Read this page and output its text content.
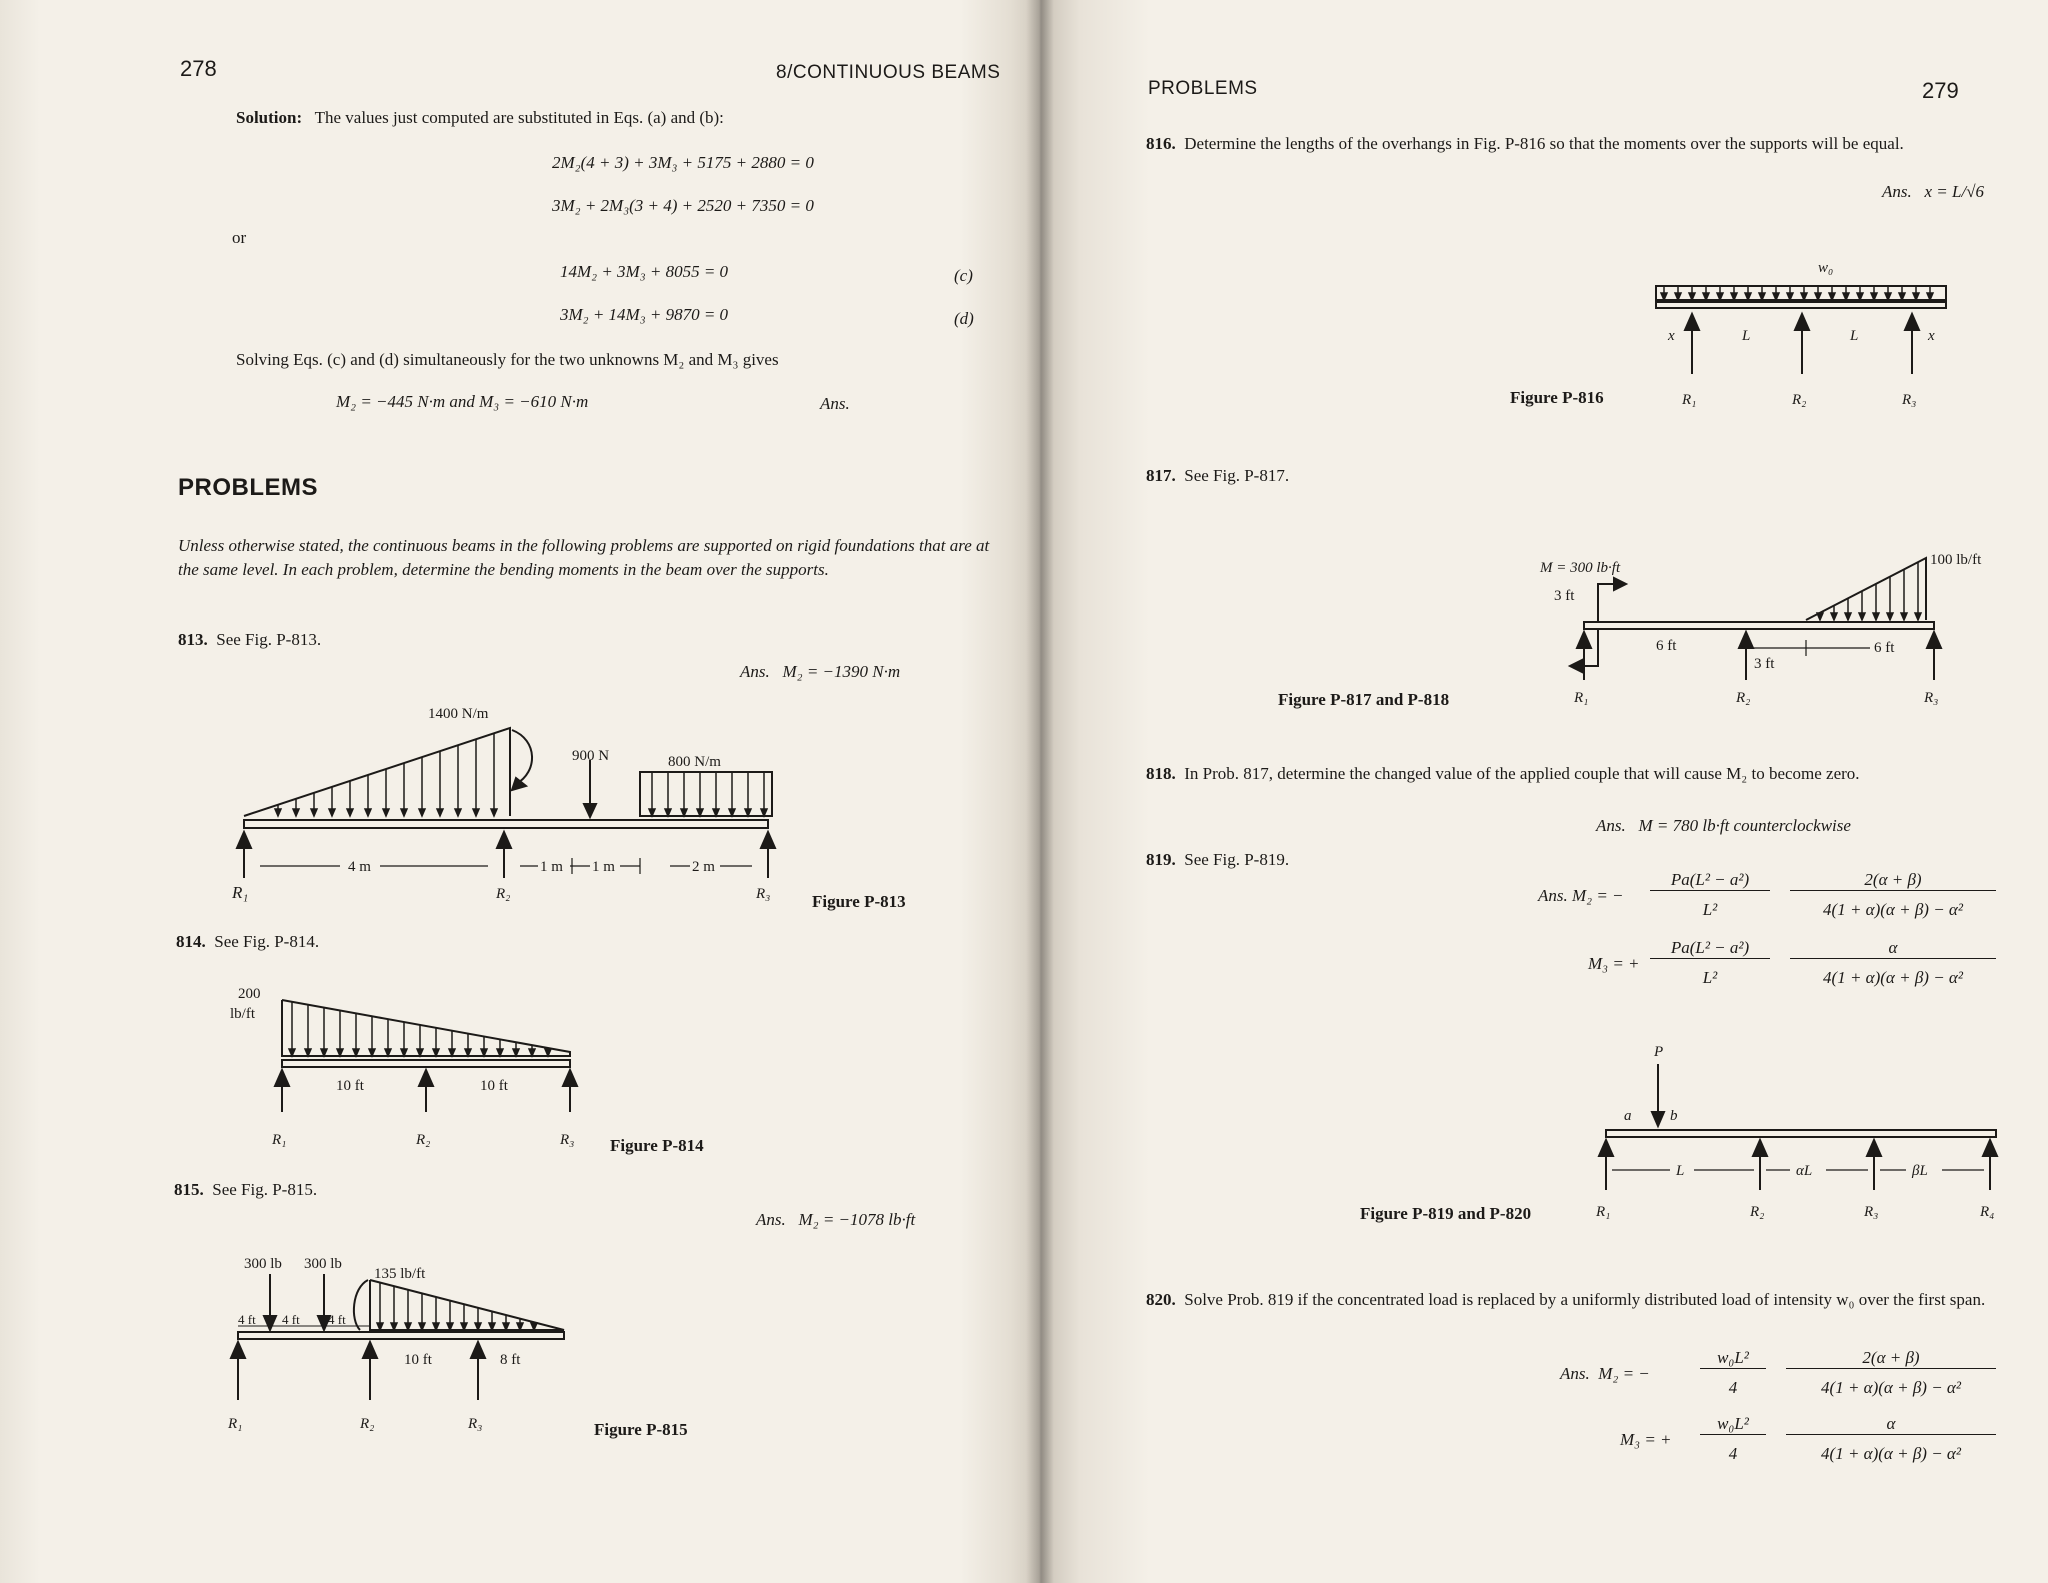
278	8/CONTINUOUS BEAMS
Solution: The values just computed are substituted in Eqs. (a) and (b):
2M₂(4 + 3) + 3M₃ + 5175 + 2880 = 0
3M₂ + 2M₃(3 + 4) + 2520 + 7350 = 0
or
14M₂ + 3M₃ + 8055 = 0	(c)
3M₂ + 14M₃ + 9870 = 0	(d)
Solving Eqs. (c) and (d) simultaneously for the two unknowns M₂ and M₃ gives
M₂ = −445 N·m and M₃ = −610 N·m	Ans.
PROBLEMS
Unless otherwise stated, the continuous beams in the following problems are supported on rigid foundations that are at the same level. In each problem, determine the bending moments in the beam over the supports.
813. See Fig. P-813.
Ans. M₂ = −1390 N·m
1400 N/m
900 N	800 N/m
4 m	1 m 1 m	2 m
R₁	R₂	R₃ Figure P-813
814. See Fig. P-814.
200
lb/ft
10 ft	10 ft
R₁	R₂	R₃ Figure P-814
815. See Fig. P-815.
Ans. M₂ = −1078 lb·ft
300 lb 300 lb
135 lb/ft
4 ft 4 ft 4 ft
10 ft	8 ft
R₁	R₂	R₃	Figure P-815
PROBLEMS	279
816. Determine the lengths of the overhangs in Fig. P-816 so that the moments over the supports will be equal.
Ans. x = L/√6
w₀
x	L	L	x
R₁	R₂	R₃
Figure P-816
817. See Fig. P-817.
M = 300 lb·ft	100 lb/ft
3 ft
6 ft
3 ft
6 ft
R₁	R₂	R₃
Figure P-817 and P-818
818. In Prob. 817, determine the changed value of the applied couple that will cause M₂ to become zero.
Ans. M = 780 lb·ft counterclockwise
819. See Fig. P-819.
Ans. M₂ = −
Pa(L² − a²)
L²
2(α + β)
4(1 + α)(α + β) − α²
M₃ = +
Pa(L² − a²)
L²
α
4(1 + α)(α + β) − α²
P
a	b
L	αL	βL
R₁	R₂	R₃	R₄
Figure P-819 and P-820
820. Solve Prob. 819 if the concentrated load is replaced by a uniformly distributed load of intensity w₀ over the first span.
Ans. M₂ = −
w₀L²
4
2(α + β)
4(1 + α)(α + β) − α²
M₃ = +
w₀L²
4
α
4(1 + α)(α + β) − α²
